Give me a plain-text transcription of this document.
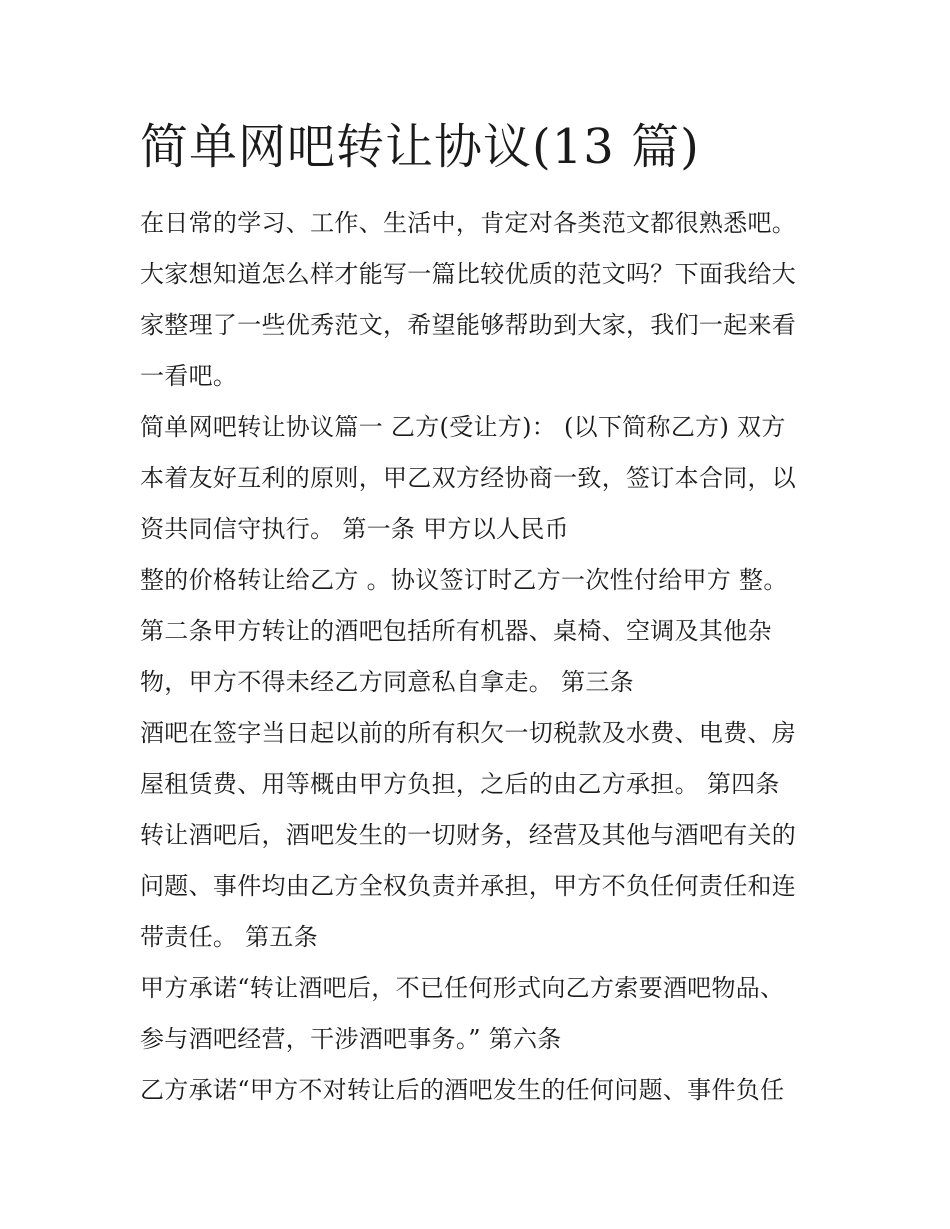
简单网吧转让协议(13 篇)
在日常的学习、工作、生活中，肯定对各类范文都很熟悉吧。
大家想知道怎么样才能写一篇比较优质的范文吗？下面我给大
家整理了一些优秀范文，希望能够帮助到大家，我们一起来看
一看吧。
简单网吧转让协议篇一 乙方(受让方)： (以下简称乙方) 双方
本着友好互利的原则，甲乙双方经协商一致，签订本合同，以
资共同信守执行。 第一条 甲方以人民币
整的价格转让给乙方 。协议签订时乙方一次性付给甲方 整。
第二条甲方转让的酒吧包括所有机器、桌椅、空调及其他杂
物，甲方不得未经乙方同意私自拿走。 第三条
酒吧在签字当日起以前的所有积欠一切税款及水费、电费、房
屋租赁费、用等概由甲方负担，之后的由乙方承担。 第四条
转让酒吧后，酒吧发生的一切财务，经营及其他与酒吧有关的
问题、事件均由乙方全权负责并承担，甲方不负任何责任和连
带责任。 第五条
甲方承诺“转让酒吧后，不已任何形式向乙方索要酒吧物品、
参与酒吧经营，干涉酒吧事务。” 第六条
乙方承诺“甲方不对转让后的酒吧发生的任何问题、事件负任
